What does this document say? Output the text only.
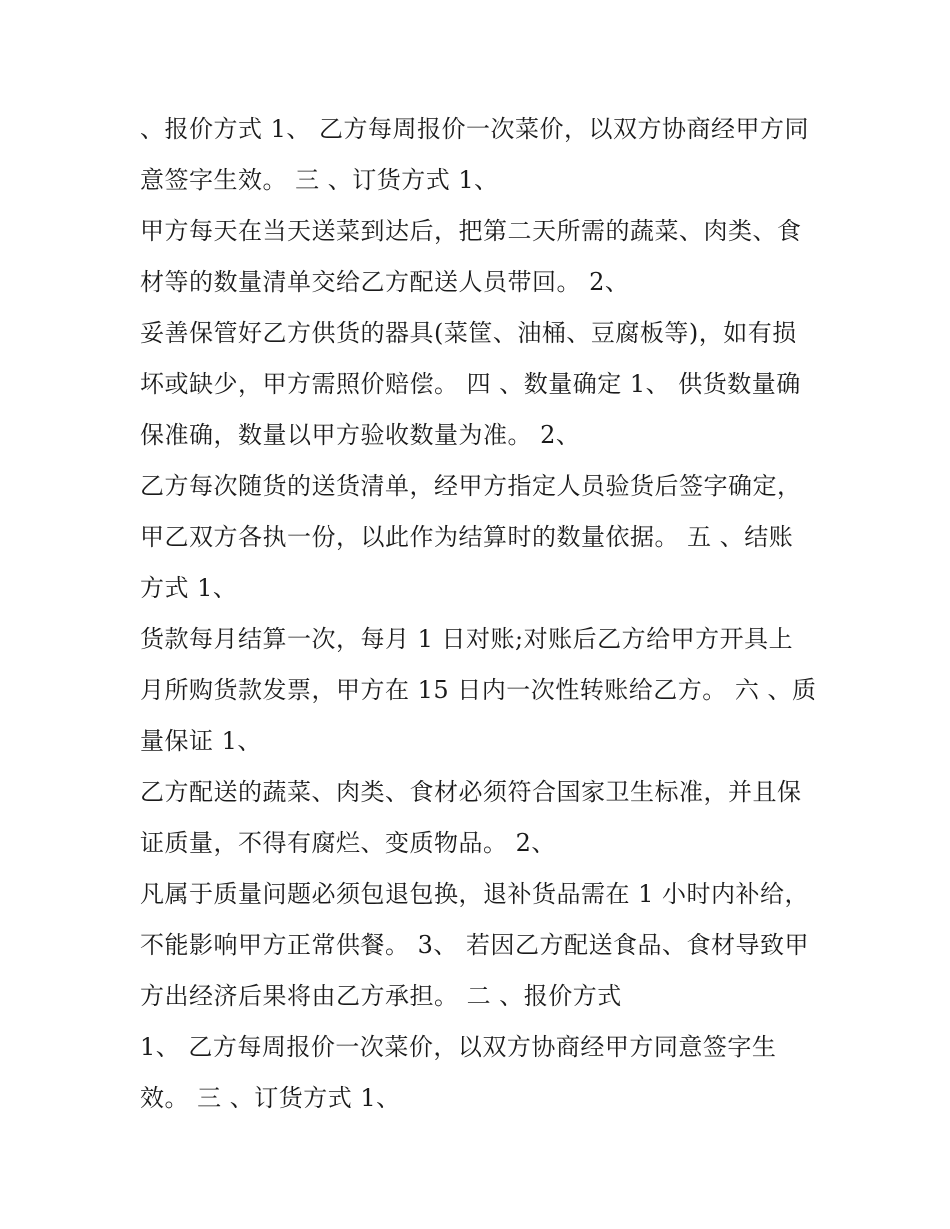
、报价方式 1、 乙方每周报价一次菜价，以双方协商经甲方同
意签字生效。 三 、订货方式 1、
甲方每天在当天送菜到达后，把第二天所需的蔬菜、肉类、食
材等的数量清单交给乙方配送人员带回。 2、
妥善保管好乙方供货的器具(菜筐、油桶、豆腐板等)，如有损
坏或缺少，甲方需照价赔偿。 四 、数量确定 1、 供货数量确
保准确，数量以甲方验收数量为准。 2、
乙方每次随货的送货清单，经甲方指定人员验货后签字确定，
甲乙双方各执一份，以此作为结算时的数量依据。 五 、结账
方式 1、
货款每月结算一次，每月 1 日对账;对账后乙方给甲方开具上
月所购货款发票，甲方在 15 日内一次性转账给乙方。 六 、质
量保证 1、
乙方配送的蔬菜、肉类、食材必须符合国家卫生标准，并且保
证质量，不得有腐烂、变质物品。 2、
凡属于质量问题必须包退包换，退补货品需在 1 小时内补给，
不能影响甲方正常供餐。 3、 若因乙方配送食品、食材导致甲
方出经济后果将由乙方承担。 二 、报价方式
1、 乙方每周报价一次菜价，以双方协商经甲方同意签字生
效。 三 、订货方式 1、
